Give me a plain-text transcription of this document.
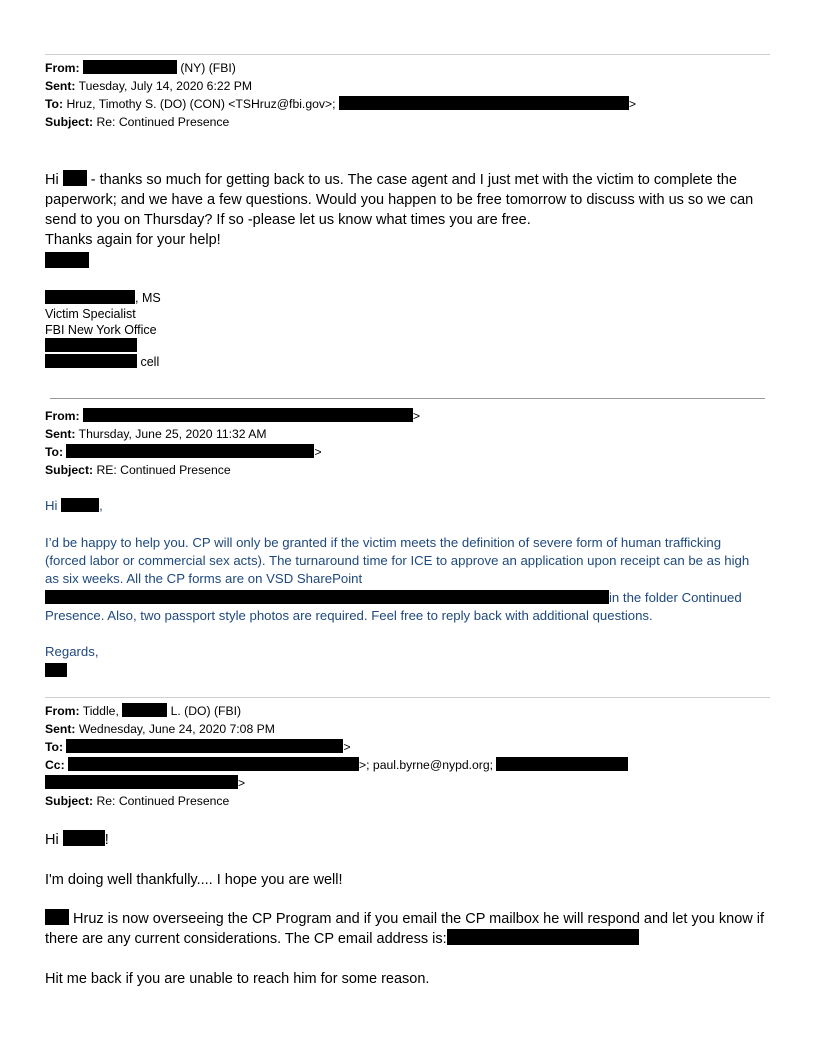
From:	(NY) (FBI)
Sent: Tuesday, July 14, 2020 6:22 PM
To: Hruz, Timothy S. (DO) (CON) <TSHruz@fbi.gov>;	>
Subject: Re: Continued Presence
Hi - thanks so much for getting back to us. The case agent and I just met with the victim to complete the
paperwork; and we have a few questions. Would you happen to be free tomorrow to discuss with us so we can
send to you on Thursday? If so -please let us know what times you are free.
Thanks again for your help!
, MS
Victim Specialist
FBI New York Office
cell
From:	>
Sent: Thursday, June 25, 2020 11:32 AM
To:	>
Subject: RE: Continued Presence
Hi	,
I’d be happy to help you. CP will only be granted if the victim meets the definition of severe form of human trafficking
(forced labor or commercial sex acts). The turnaround time for ICE to approve an application upon receipt can be as high
as six weeks. All the CP forms are on VSD SharePoint
in the folder Continued
Presence. Also, two passport style photos are required. Feel free to reply back with additional questions.
Regards,
From: Tiddle,	L. (DO) (FBI)
Sent: Wednesday, June 24, 2020 7:08 PM
To:	>
Cc:	>; paul.byrne@nypd.org;
>
Subject: Re: Continued Presence
Hi	!
I'm doing well thankfully.... I hope you are well!
Hruz is now overseeing the CP Program and if you email the CP mailbox he will respond and let you know if
there are any current considerations. The CP email address is:
Hit me back if you are unable to reach him for some reason.
